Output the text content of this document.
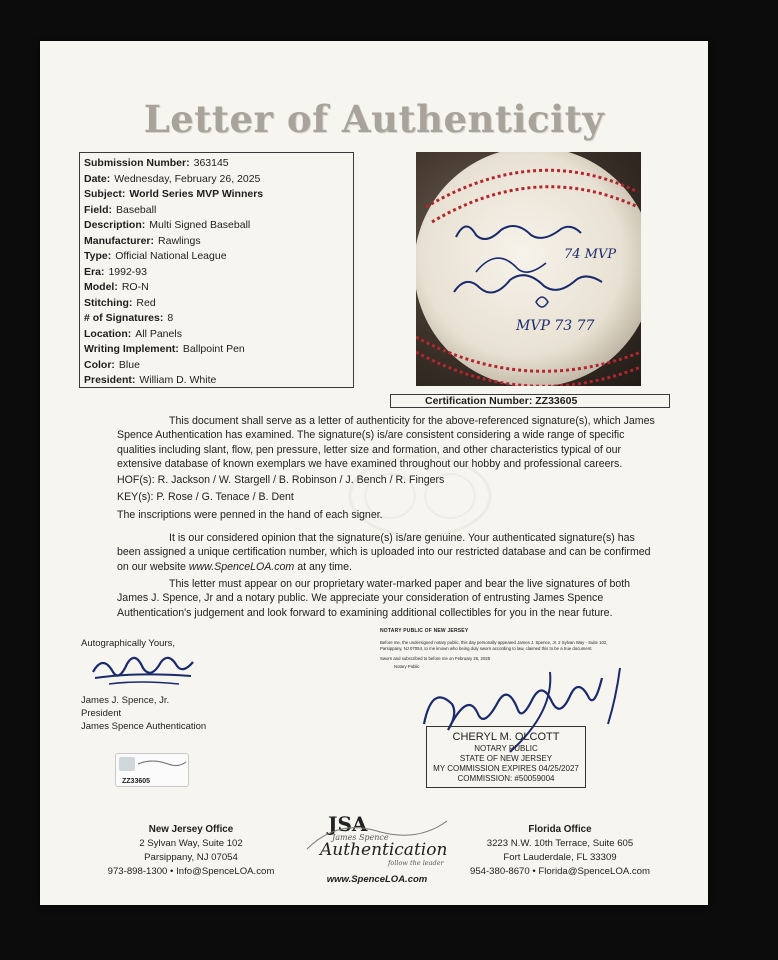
Letter of Authenticity
Submission Number: 363145
Date: Wednesday, February 26, 2025
Subject: World Series MVP Winners
Field: Baseball
Description: Multi Signed Baseball
Manufacturer: Rawlings
Type: Official National League
Era: 1992-93
Model: RO-N
Stitching: Red
# of Signatures: 8
Location: All Panels
Writing Implement: Ballpoint Pen
Color: Blue
President: William D. White
74 MVP
MVP 73 77
Certification Number: ZZ33605

This document shall serve as a letter of authenticity for the above-referenced signature(s), which James Spence Authentication has examined. The signature(s) is/are consistent considering a wide range of specific qualities including slant, flow, pen pressure, letter size and formation, and other characteristics typical of our extensive database of known exemplars we have examined throughout our hobby and professional careers.

HOF(s): R. Jackson / W. Stargell / B. Robinson / J. Bench / R. Fingers
KEY(s): P. Rose / G. Tenace / B. Dent
The inscriptions were penned in the hand of each signer.

It is our considered opinion that the signature(s) is/are genuine. Your authenticated signature(s) has been assigned a unique certification number, which is uploaded into our restricted database and can be confirmed on our website www.SpenceLOA.com at any time.

This letter must appear on our proprietary water-marked paper and bear the live signatures of both James J. Spence, Jr and a notary public. We appreciate your consideration of entrusting James Spence Authentication's judgement and look forward to examining additional collectibles for you in the near future.

Autographically Yours,
James J. Spence, Jr.
President
James Spence Authentication
NOTARY PUBLIC OF NEW JERSEY
Before me, the undersigned notary public, this day personally appeared James J. Spence, Jr. 2 Sylvan Way - Suite 102, Parsippany, NJ 07054, to me known who being duly sworn according to law, claimed this to be a true document.
Sworn and subscribed to before me on February 26, 2025
Notary Public
CHERYL M. OLCOTT
NOTARY PUBLIC
STATE OF NEW JERSEY
MY COMMISSION EXPIRES 04/25/2027
COMMISSION: #50059004
ZZ33605
New Jersey Office
2 Sylvan Way, Suite 102
Parsippany, NJ 07054
973-898-1300 • Info@SpenceLOA.com
JSA
James Spence
Authentication
follow the leader
www.SpenceLOA.com
Florida Office
3223 N.W. 10th Terrace, Suite 605
Fort Lauderdale, FL 33309
954-380-8670 • Florida@SpenceLOA.com
